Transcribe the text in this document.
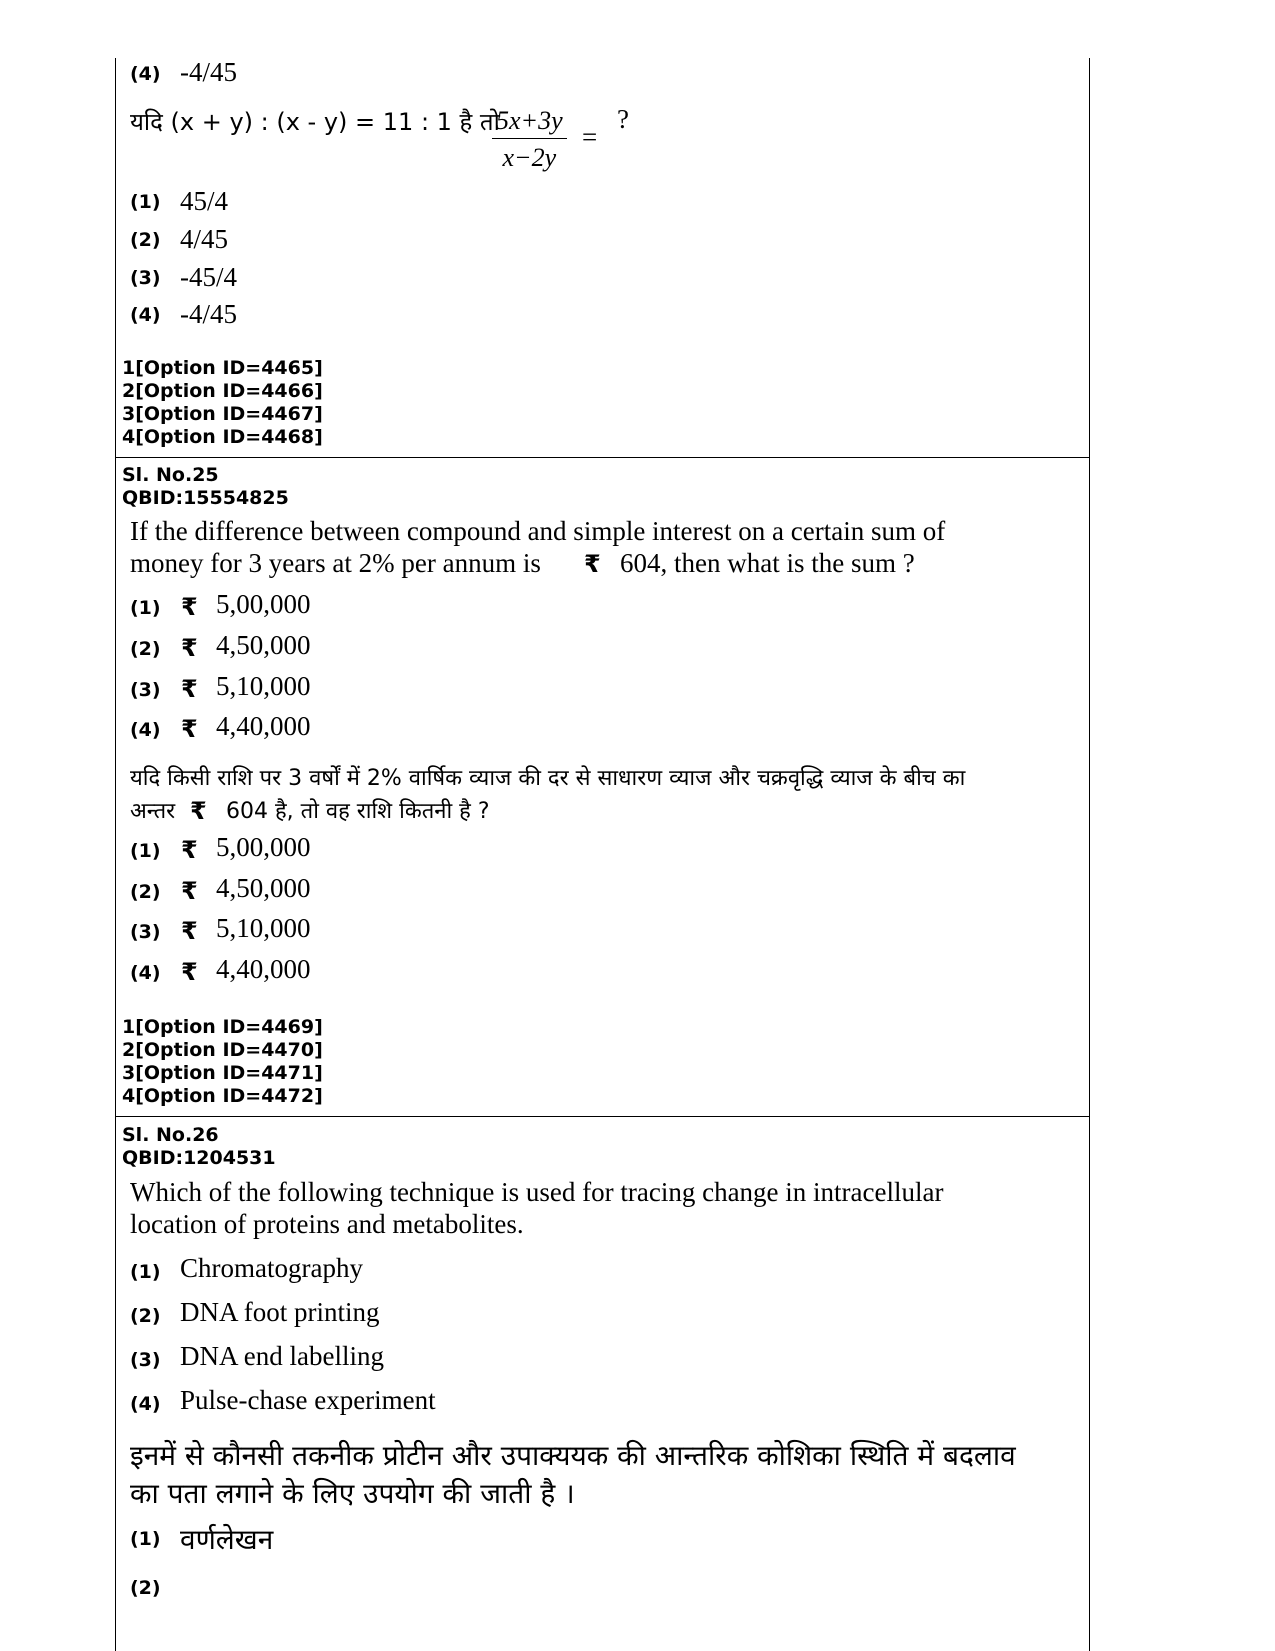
(4) -4/45
यदि (x + y) : (x - y) = 11 : 1 है तो
$\frac{5x+3y}{x-2y}$ =
?
(1) 45/4
(2) 4/45
(3) -45/4
(4) -4/45
1[Option ID=4465]
2[Option ID=4466]
3[Option ID=4467]
4[Option ID=4468]
Sl. No.25
QBID:15554825
If the difference between compound and simple interest on a certain sum of
money for 3 years at 2% per annum is ₹ 604, then what is the sum ?
(1) ₹ 5,00,000
(2) ₹ 4,50,000
(3) ₹ 5,10,000
(4) ₹ 4,40,000
यदि किसी राशि पर 3 वर्षों में 2% वार्षिक व्याज की दर से साधारण व्याज और चक्रवृद्धि व्याज के बीच का
अन्तर ₹ 604 है, तो वह राशि कितनी है ?
(1) ₹ 5,00,000
(2) ₹ 4,50,000
(3) ₹ 5,10,000
(4) ₹ 4,40,000
1[Option ID=4469]
2[Option ID=4470]
3[Option ID=4471]
4[Option ID=4472]
Sl. No.26
QBID:1204531
Which of the following technique is used for tracing change in intracellular
location of proteins and metabolites.
(1) Chromatography
(2) DNA foot printing
(3) DNA end labelling
(4) Pulse-chase experiment
इनमें से कौनसी तकनीक प्रोटीन और उपाक्ययक की आन्तरिक कोशिका स्थिति में बदलाव
का पता लगाने के लिए उपयोग की जाती है ।
(1) वर्णलेखन
(2)
